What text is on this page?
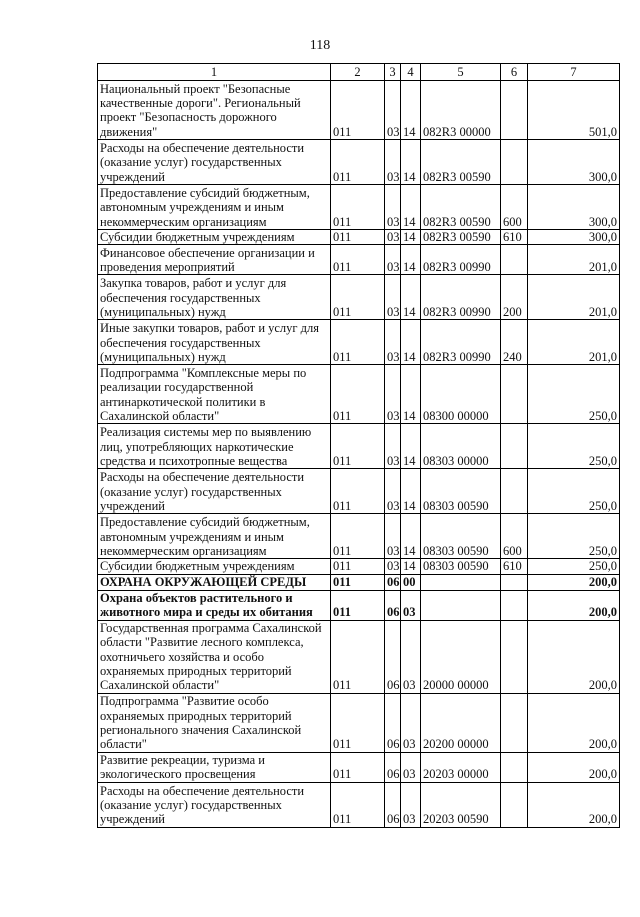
118
1	2	3	4	5	6	7
Национальный проект "Безопасные качественные дороги". Региональный проект "Безопасность дорожного движения"	011	03	14	082R3 00000		501,0
Расходы на обеспечение деятельности (оказание услуг) государственных учреждений	011	03	14	082R3 00590		300,0
Предоставление субсидий бюджетным, автономным учреждениям и иным некоммерческим организациям	011	03	14	082R3 00590	600	300,0
Субсидии бюджетным учреждениям	011	03	14	082R3 00590	610	300,0
Финансовое обеспечение организации и проведения мероприятий	011	03	14	082R3 00990		201,0
Закупка товаров, работ и услуг для обеспечения государственных (муниципальных) нужд	011	03	14	082R3 00990	200	201,0
Иные закупки товаров, работ и услуг для обеспечения государственных (муниципальных) нужд	011	03	14	082R3 00990	240	201,0
Подпрограмма "Комплексные меры по реализации государственной антинаркотической политики в Сахалинской области"	011	03	14	08300 00000		250,0
Реализация системы мер по выявлению лиц, употребляющих наркотические средства и психотропные вещества	011	03	14	08303 00000		250,0
Расходы на обеспечение деятельности (оказание услуг) государственных учреждений	011	03	14	08303 00590		250,0
Предоставление субсидий бюджетным, автономным учреждениям и иным некоммерческим организациям	011	03	14	08303 00590	600	250,0
Субсидии бюджетным учреждениям	011	03	14	08303 00590	610	250,0
ОХРАНА ОКРУЖАЮЩЕЙ СРЕДЫ	011	06	00			200,0
Охрана объектов растительного и животного мира и среды их обитания	011	06	03			200,0
Государственная программа Сахалинской области "Развитие лесного комплекса, охотничьего хозяйства и особо охраняемых природных территорий Сахалинской области"	011	06	03	20000 00000		200,0
Подпрограмма "Развитие особо охраняемых природных территорий регионального значения Сахалинской области"	011	06	03	20200 00000		200,0
Развитие рекреации, туризма и экологического просвещения	011	06	03	20203 00000		200,0
Расходы на обеспечение деятельности (оказание услуг) государственных учреждений	011	06	03	20203 00590		200,0
